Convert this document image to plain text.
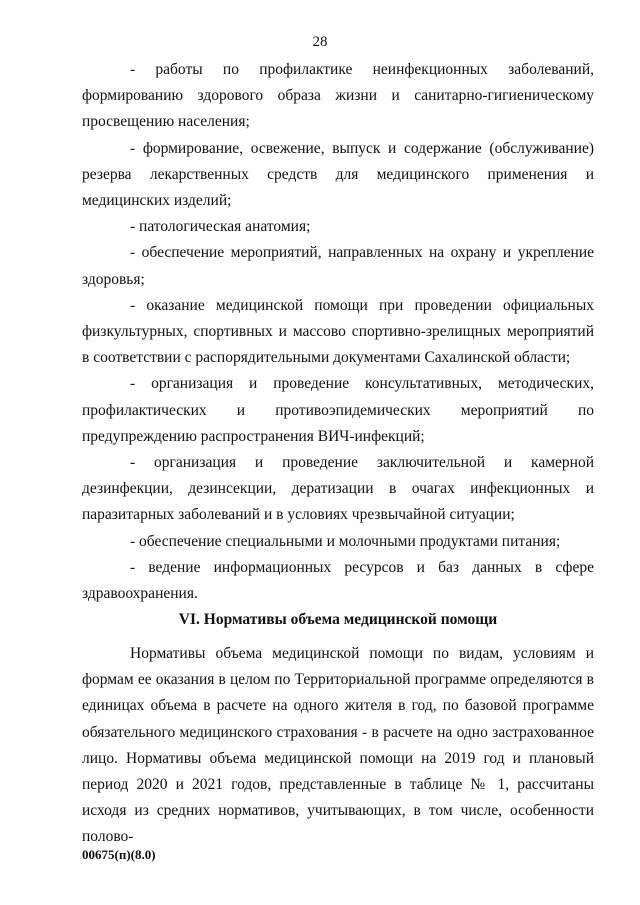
28

- работы по профилактике неинфекционных заболеваний, формированию здорового образа жизни и санитарно-гигиеническому просвещению населения;

- формирование, освежение, выпуск и содержание (обслуживание) резерва лекарственных средств для медицинского применения и медицинских изделий;

- патологическая анатомия;

- обеспечение мероприятий, направленных на охрану и укрепление здоровья;

- оказание медицинской помощи при проведении официальных физкультурных, спортивных и массово спортивно-зрелищных мероприятий в соответствии с распорядительными документами Сахалинской области;

- организация и проведение консультативных, методических, профилактических и противоэпидемических мероприятий по предупреждению распространения ВИЧ-инфекций;

- организация и проведение заключительной и камерной дезинфекции, дезинсекции, дератизации в очагах инфекционных и паразитарных заболеваний и в условиях чрезвычайной ситуации;

- обеспечение специальными и молочными продуктами питания;

- ведение информационных ресурсов и баз данных в сфере здравоохранения.

VI. Нормативы объема медицинской помощи

Нормативы объема медицинской помощи по видам, условиям и формам ее оказания в целом по Территориальной программе определяются в единицах объема в расчете на одного жителя в год, по базовой программе обязательного медицинского страхования - в расчете на одно застрахованное лицо. Нормативы объема медицинской помощи на 2019 год и плановый период 2020 и 2021 годов, представленные в таблице № 1, рассчитаны исходя из средних нормативов, учитывающих, в том числе, особенности полово-

00675(п)(8.0)
